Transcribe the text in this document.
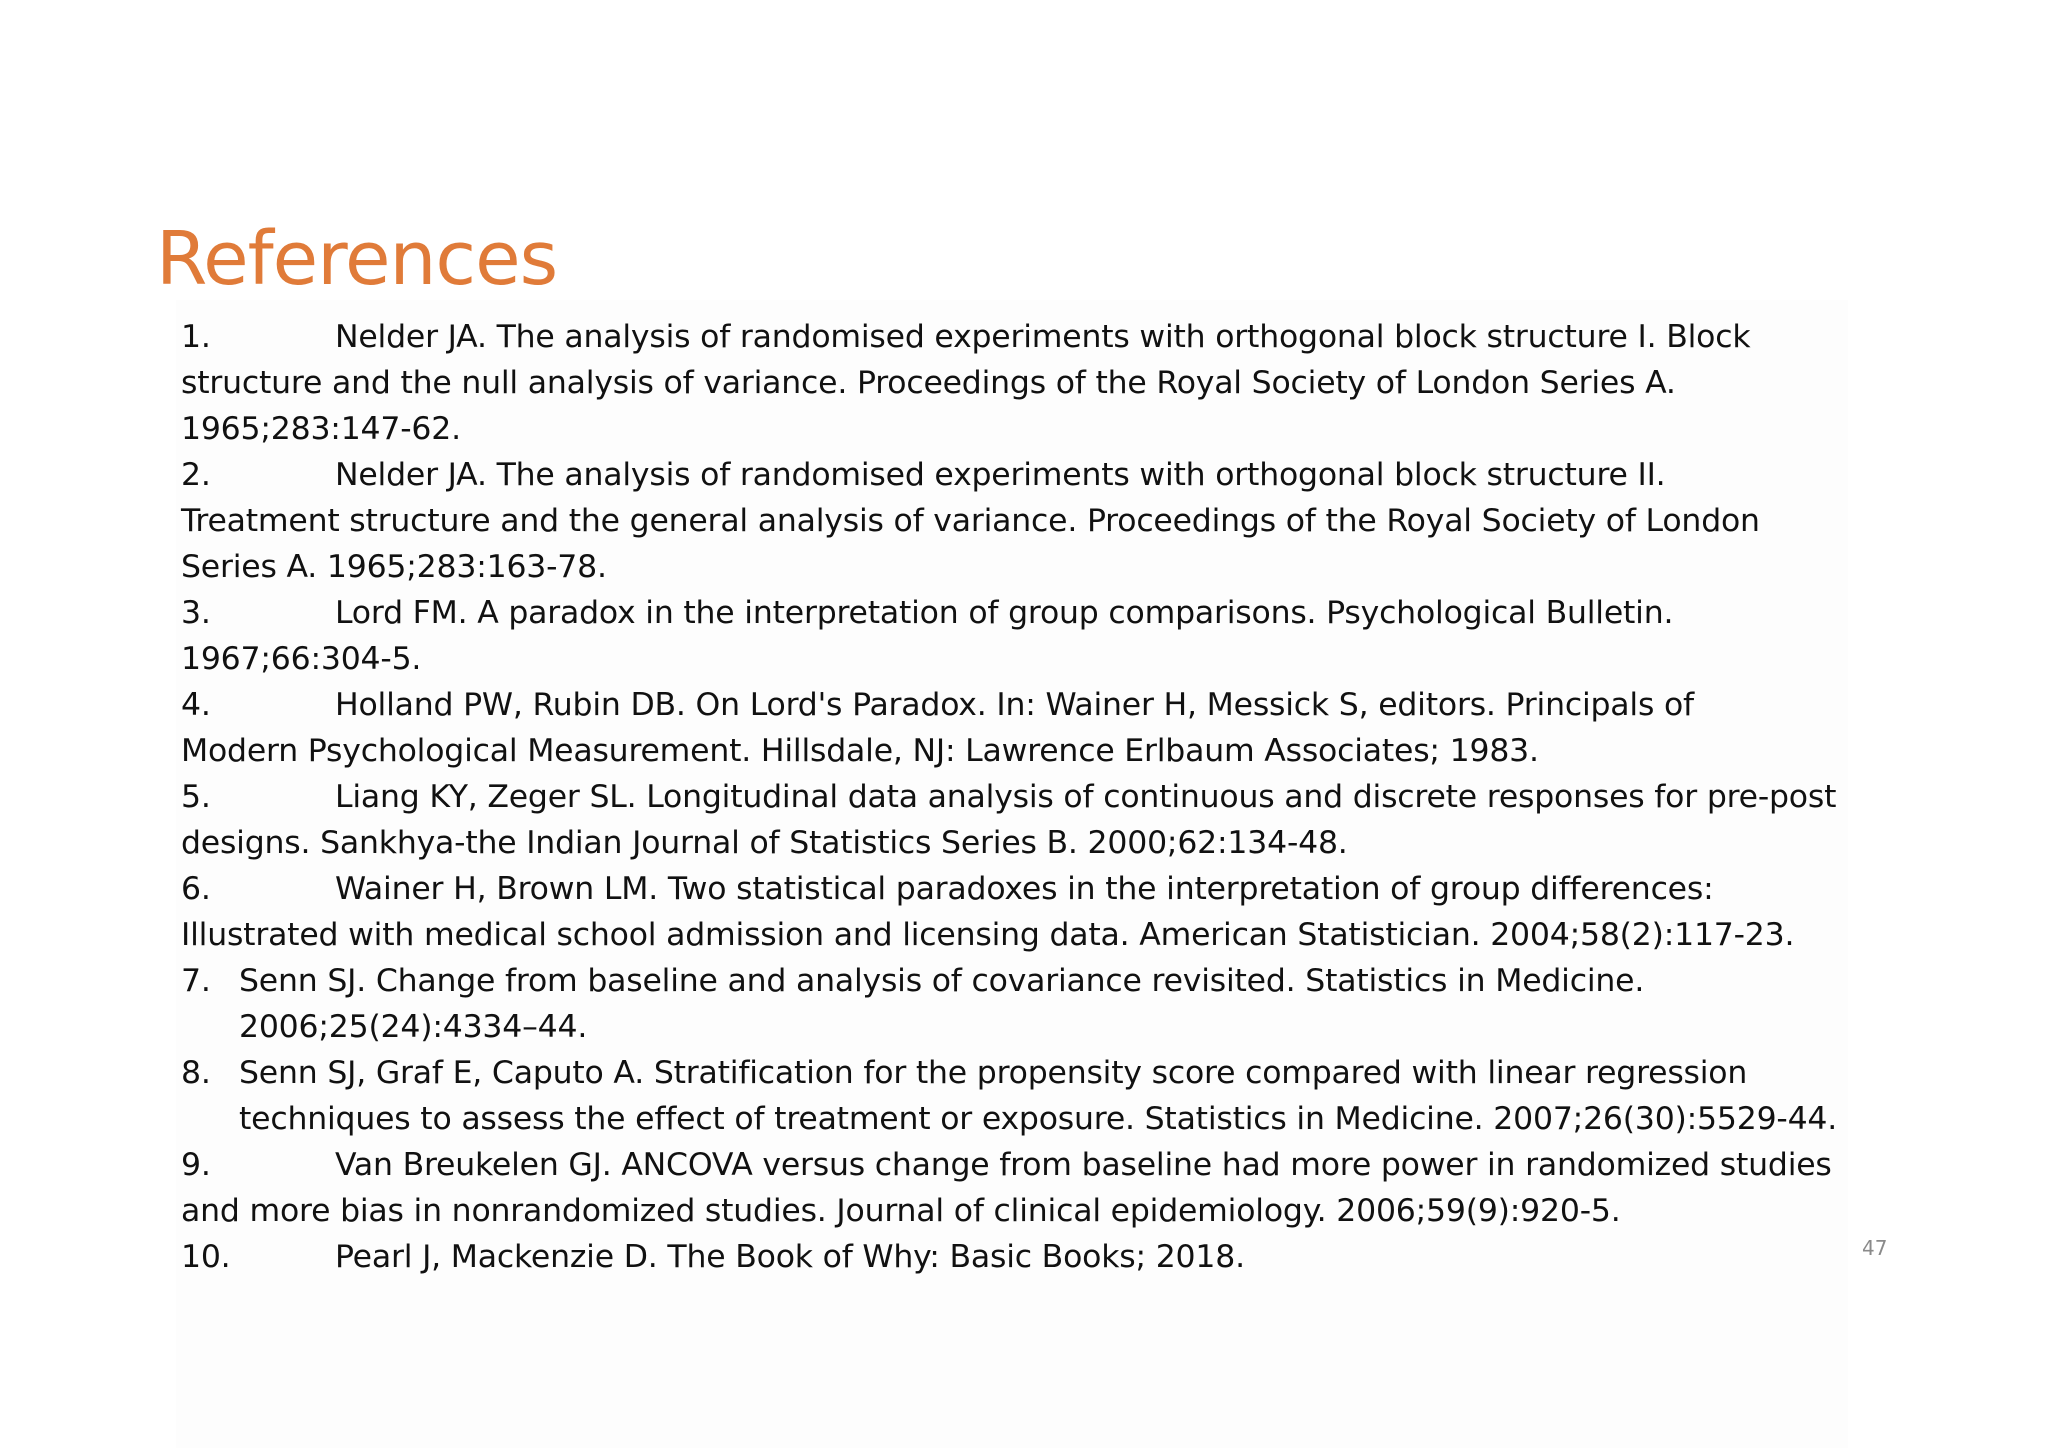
References

1.	Nelder JA. The analysis of randomised experiments with orthogonal block structure I. Block
structure and the null analysis of variance. Proceedings of the Royal Society of London Series A.
1965;283:147-62.

2.	Nelder JA. The analysis of randomised experiments with orthogonal block structure II.
Treatment structure and the general analysis of variance. Proceedings of the Royal Society of London
Series A. 1965;283:163-78.

3.	Lord FM. A paradox in the interpretation of group comparisons. Psychological Bulletin.
1967;66:304-5.

4.	Holland PW, Rubin DB. On Lord's Paradox. In: Wainer H, Messick S, editors. Principals of
Modern Psychological Measurement. Hillsdale, NJ: Lawrence Erlbaum Associates; 1983.

5.	Liang KY, Zeger SL. Longitudinal data analysis of continuous and discrete responses for pre-post
designs. Sankhya-the Indian Journal of Statistics Series B. 2000;62:134-48.

6.	Wainer H, Brown LM. Two statistical paradoxes in the interpretation of group differences:
Illustrated with medical school admission and licensing data. American Statistician. 2004;58(2):117-23.

7. Senn SJ. Change from baseline and analysis of covariance revisited. Statistics in Medicine.
2006;25(24):4334–44.

8. Senn SJ, Graf E, Caputo A. Stratification for the propensity score compared with linear regression
techniques to assess the effect of treatment or exposure. Statistics in Medicine. 2007;26(30):5529-44.

9.	Van Breukelen GJ. ANCOVA versus change from baseline had more power in randomized studies
and more bias in nonrandomized studies. Journal of clinical epidemiology. 2006;59(9):920-5.

10.	Pearl J, Mackenzie D. The Book of Why: Basic Books; 2018.	47
